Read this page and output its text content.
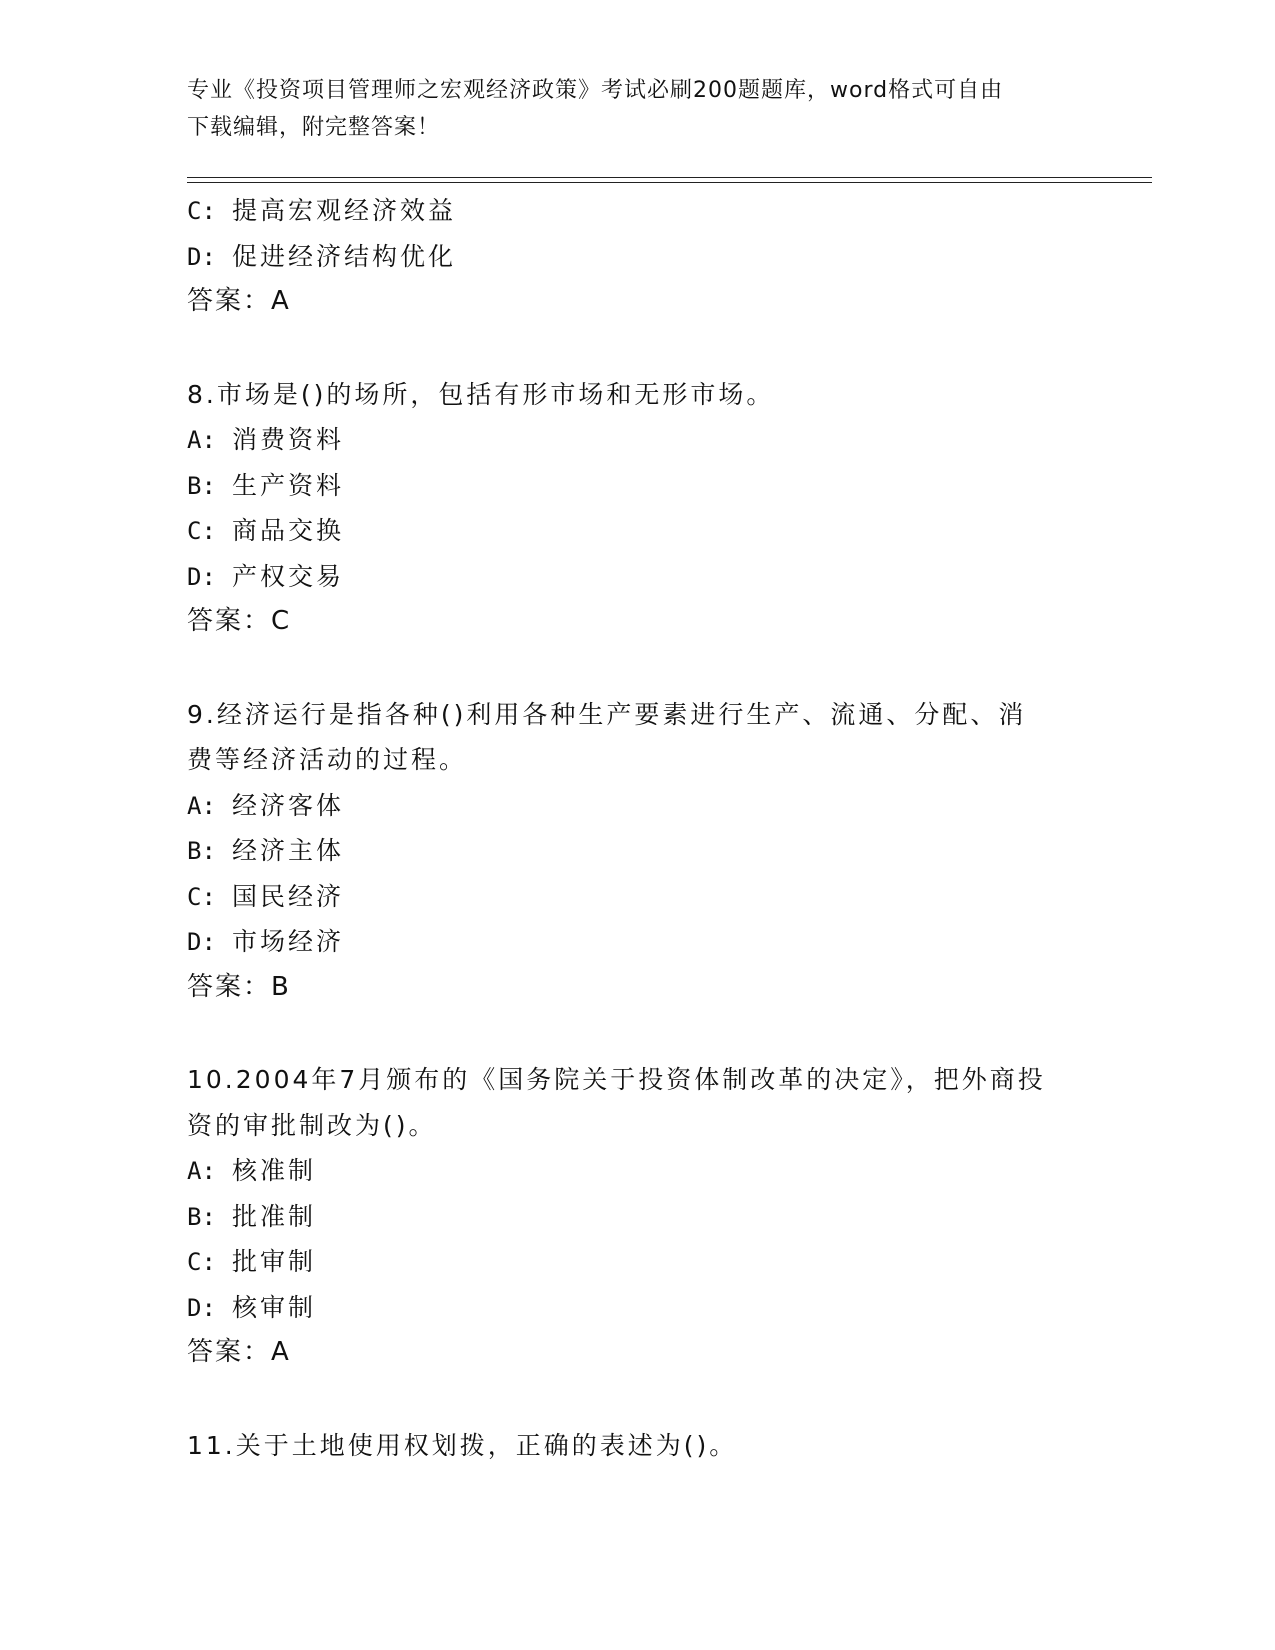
专业《投资项目管理师之宏观经济政策》考试必刷200题题库，word格式可自由
下载编辑，附完整答案！
C: 提高宏观经济效益
D: 促进经济结构优化
答案：A
8.市场是()的场所，包括有形市场和无形市场。
A: 消费资料
B: 生产资料
C: 商品交换
D: 产权交易
答案：C
9.经济运行是指各种()利用各种生产要素进行生产、流通、分配、消
费等经济活动的过程。
A: 经济客体
B: 经济主体
C: 国民经济
D: 市场经济
答案：B
10.2004年7月颁布的《国务院关于投资体制改革的决定》，把外商投
资的审批制改为()。
A: 核准制
B: 批准制
C: 批审制
D: 核审制
答案：A
11.关于土地使用权划拨，正确的表述为()。
